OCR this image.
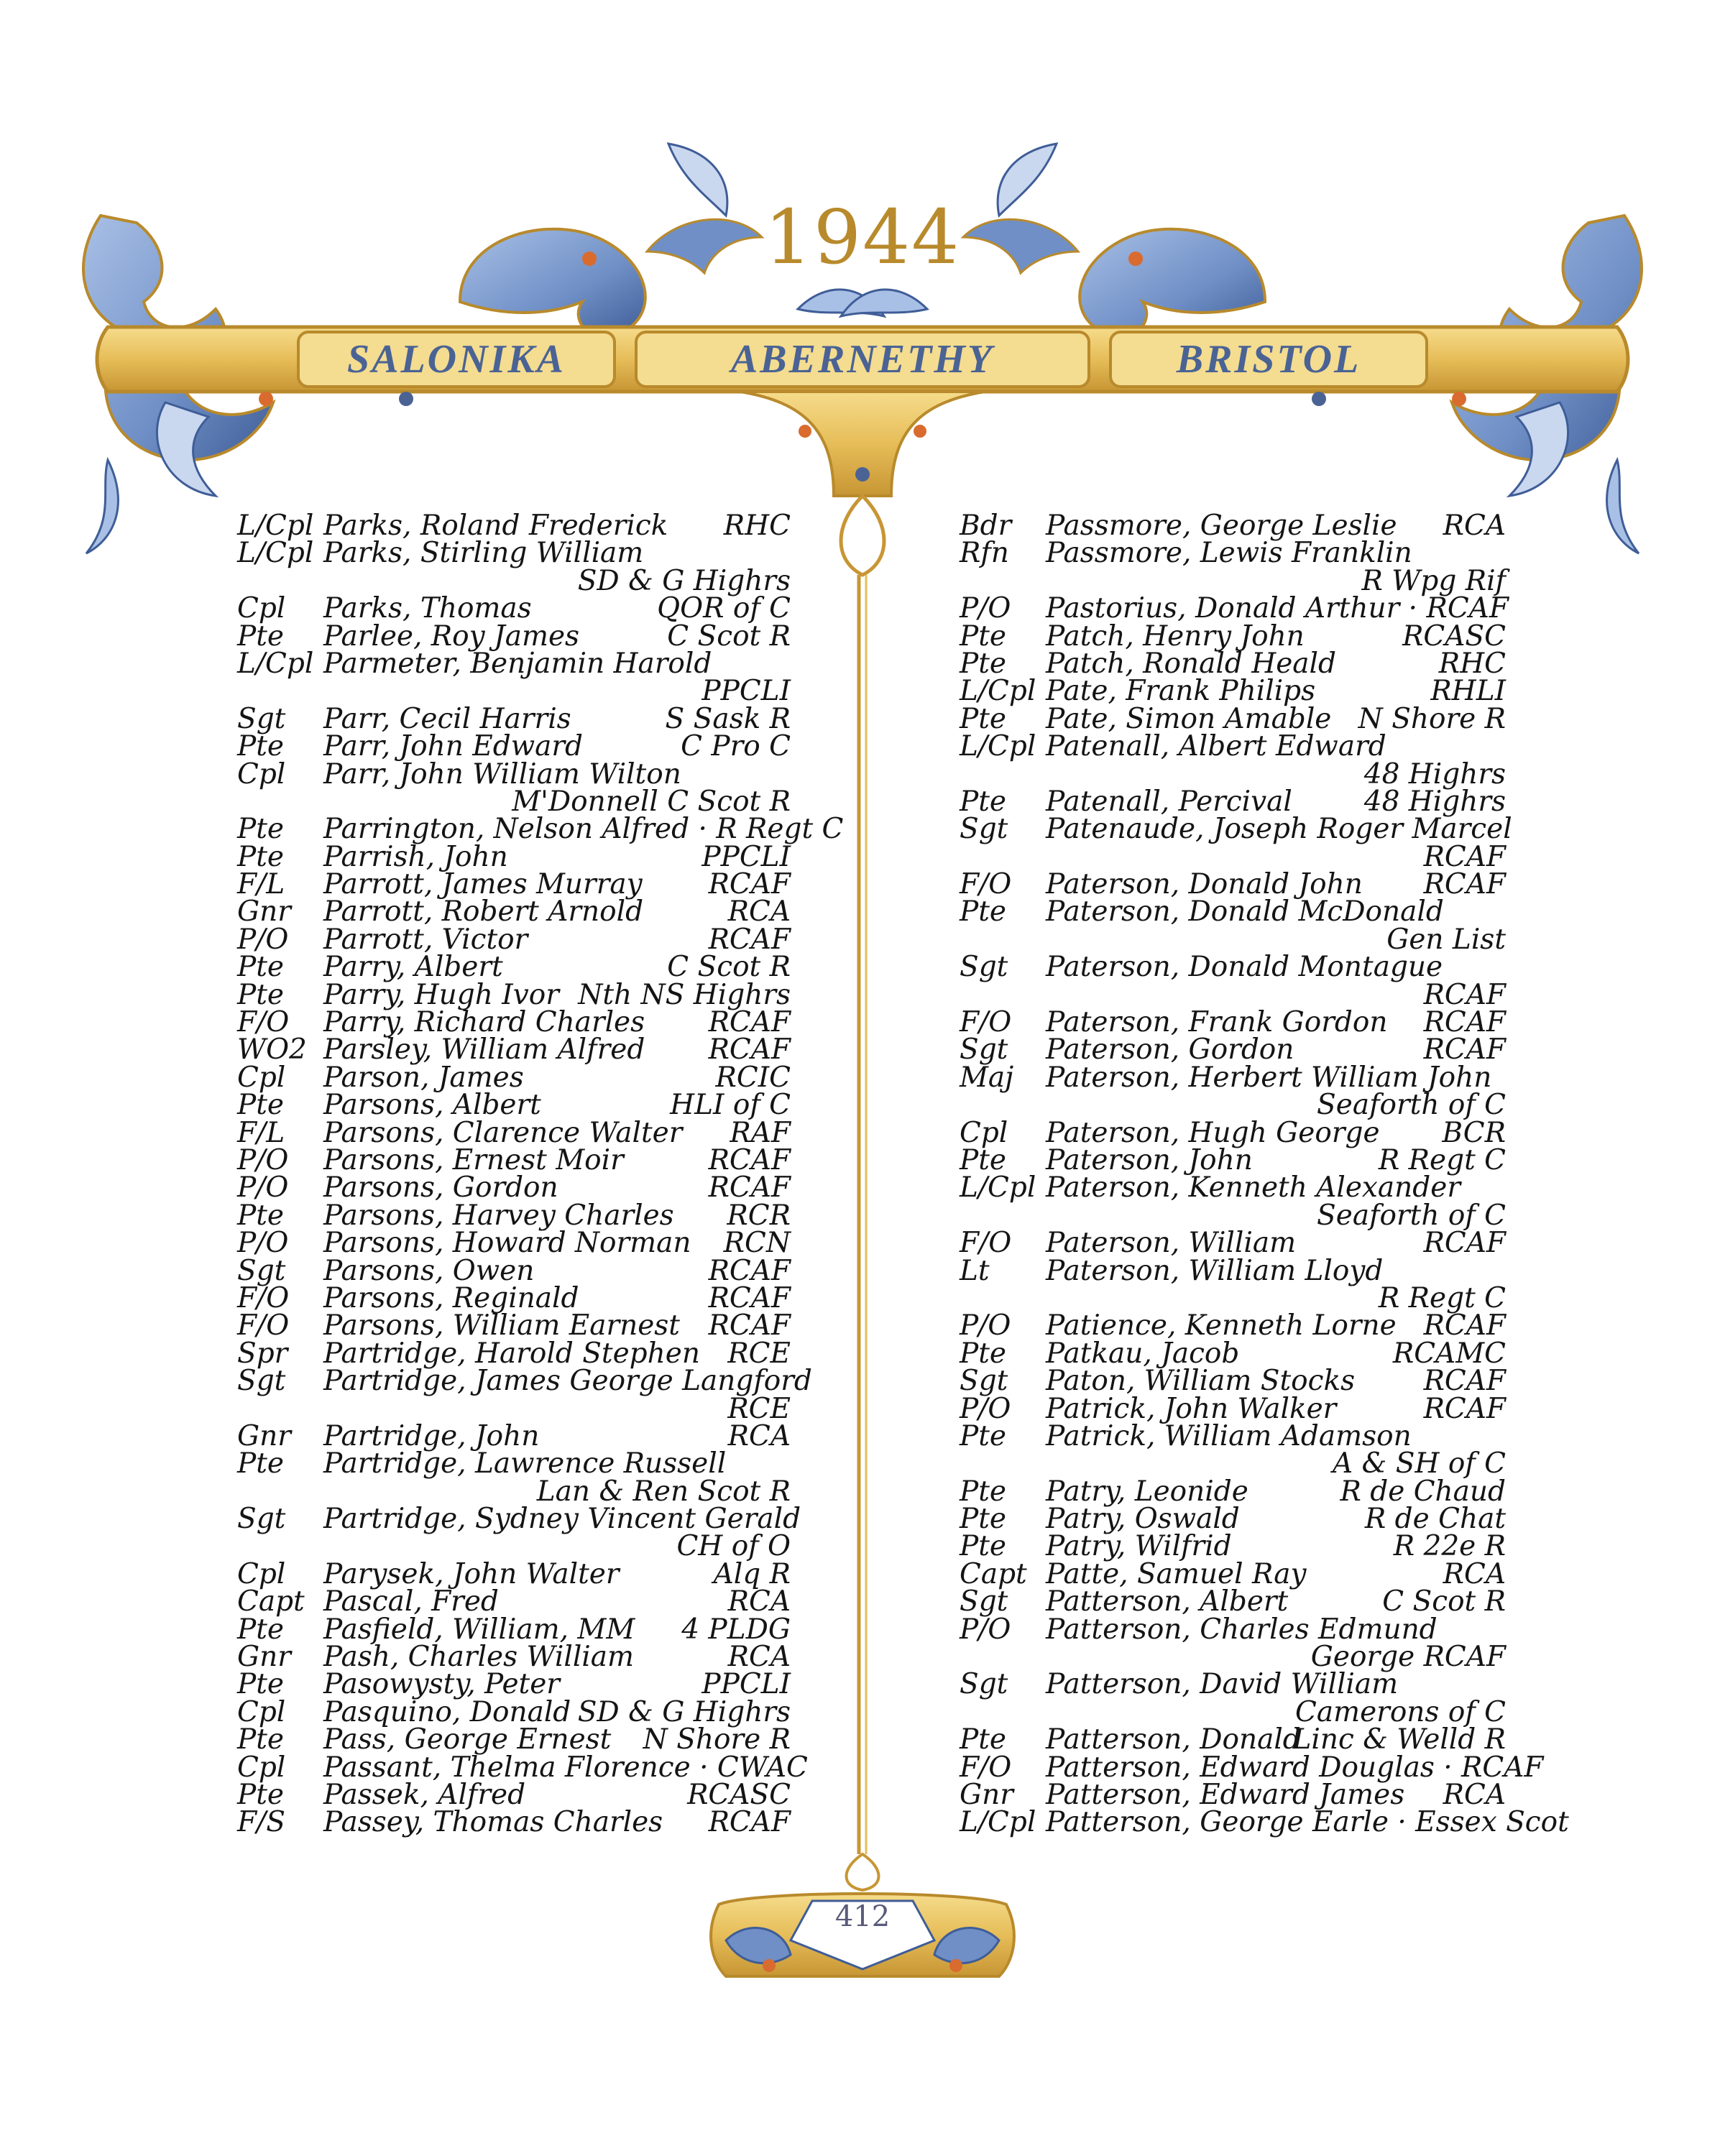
1944
SALONIKA	ABERNETHY	BRISTOL
L/Cpl Parks, Roland Frederick RHC
L/Cpl Parks, Stirling William
SD & G Highrs
Cpl	Parks, Thomas	QOR of C
Pte	Parlee, Roy James	C Scot R
L/Cpl Parmeter, Benjamin Harold
PPCLI
Sgt	Parr, Cecil Harris	S Sask R
Pte	Parr, John Edward	C Pro C
Cpl	Parr, John William Wilton
M'Donnell C Scot R
Pte	Parrington, Nelson Alfred · R Regt C
Pte	Parrish, John	PPCLI
F/L	Parrott, James Murray RCAF
Gnr	Parrott, Robert Arnold	RCA
P/O	Parrott, Victor	RCAF
Pte	Parry, Albert	C Scot R
Pte	Parry, Hugh Ivor Nth NS Highrs
F/O	Parry, Richard Charles RCAF
WO2 Parsley, William Alfred RCAF
Cpl	Parson, James	RCIC
Pte	Parsons, Albert	HLI of C
F/L	Parsons, Clarence Walter RAF
P/O	Parsons, Ernest Moir	RCAF
P/O	Parsons, Gordon	RCAF
Pte	Parsons, Harvey Charles RCR
P/O	Parsons, Howard Norman RCN
Sgt	Parsons, Owen	RCAF
F/O	Parsons, Reginald	RCAF
F/O	Parsons, William Earnest RCAF
Spr	Partridge, Harold Stephen RCE
Sgt	Partridge, James George Langford
RCE
Gnr	Partridge, John	RCA
Pte	Partridge, Lawrence Russell
Lan & Ren Scot R
Sgt	Partridge, Sydney Vincent Gerald
CH of O
Cpl	Parysek, John Walter	Alq R
Capt Pascal, Fred	RCA
Pte	Pasfield, William, MM 4 PLDG
Gnr	Pash, Charles William	RCA
Pte	Pasowysty, Peter	PPCLI
Cpl	Pasquino, Donald SD & G Highrs
Pte	Pass, George Ernest N Shore R
Cpl	Passant, Thelma Florence · CWAC
Pte	Passek, Alfred	RCASC
F/S	Passey, Thomas Charles RCAF
Bdr	Passmore, George Leslie RCA
Rfn	Passmore, Lewis Franklin
R Wpg Rif
P/O	Pastorius, Donald Arthur · RCAF
Pte	Patch, Henry John	RCASC
Pte	Patch, Ronald Heald	RHC
L/Cpl Pate, Frank Philips	RHLI
Pte	Pate, Simon Amable N Shore R
L/Cpl Patenall, Albert Edward
48 Highrs
Pte	Patenall, Percival	48 Highrs
Sgt	Patenaude, Joseph Roger Marcel
RCAF
F/O	Paterson, Donald John RCAF
Pte	Paterson, Donald McDonald
Gen List
Sgt	Paterson, Donald Montague
RCAF
F/O	Paterson, Frank Gordon RCAF
Sgt	Paterson, Gordon	RCAF
Maj	Paterson, Herbert William John
Seaforth of C
Cpl	Paterson, Hugh George BCR
Pte	Paterson, John	R Regt C
L/Cpl Paterson, Kenneth Alexander
Seaforth of C
F/O	Paterson, William	RCAF
Lt	Paterson, William Lloyd
R Regt C
P/O	Patience, Kenneth Lorne RCAF
Pte	Patkau, Jacob	RCAMC
Sgt	Paton, William Stocks RCAF
P/O	Patrick, John Walker	RCAF
Pte	Patrick, William Adamson
A & SH of C
Pte	Patry, Leonide	R de Chaud
Pte	Patry, Oswald	R de Chat
Pte	Patry, Wilfrid	R 22e R
Capt Patte, Samuel Ray	RCA
Sgt	Patterson, Albert	C Scot R
P/O	Patterson, Charles Edmund
George RCAF
Sgt	Patterson, David William
Camerons of C
Pte	Patterson, Donald
Linc & Welld R
F/O	Patterson, Edward Douglas · RCAF
Gnr	Patterson, Edward James RCA
L/Cpl Patterson, George Earle · Essex Scot
412
